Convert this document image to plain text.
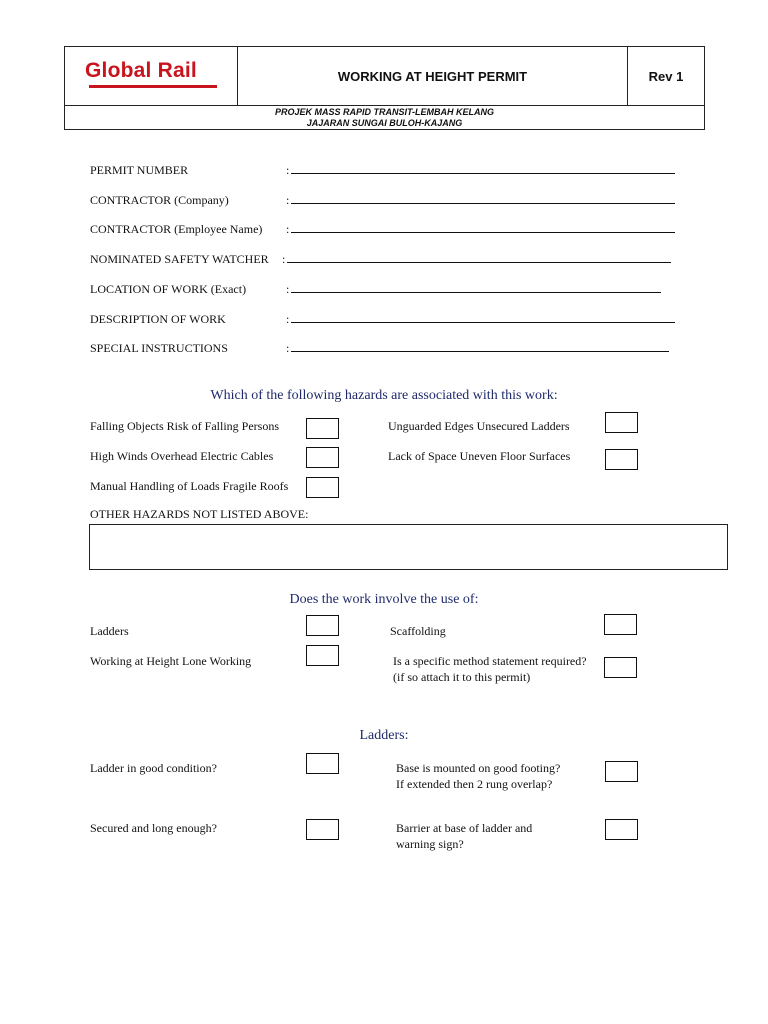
Global Rail	WORKING AT HEIGHT PERMIT	Rev 1
PROJEK MASS RAPID TRANSIT-LEMBAH KELANG
JAJARAN SUNGAI BULOH-KAJANG
PERMIT NUMBER	:
CONTRACTOR (Company)	:
CONTRACTOR (Employee Name) :
NOMINATED SAFETY WATCHER :
LOCATION OF WORK (Exact)	:
DESCRIPTION OF WORK	:
SPECIAL INSTRUCTIONS	:
Which of the following hazards are associated with this work:
Falling Objects Risk of Falling Persons	Unguarded Edges Unsecured Ladders
High Winds Overhead Electric Cables	Lack of Space Uneven Floor Surfaces
Manual Handling of Loads Fragile Roofs
OTHER HAZARDS NOT LISTED ABOVE:
Does the work involve the use of:
Ladders	Scaffolding
Working at Height Lone Working	Is a specific method statement required?
(if so attach it to this permit)
Ladders:
Ladder in good condition?	Base is mounted on good footing?
If extended then 2 rung overlap?
Secured and long enough?	Barrier at base of ladder and
warning sign?
